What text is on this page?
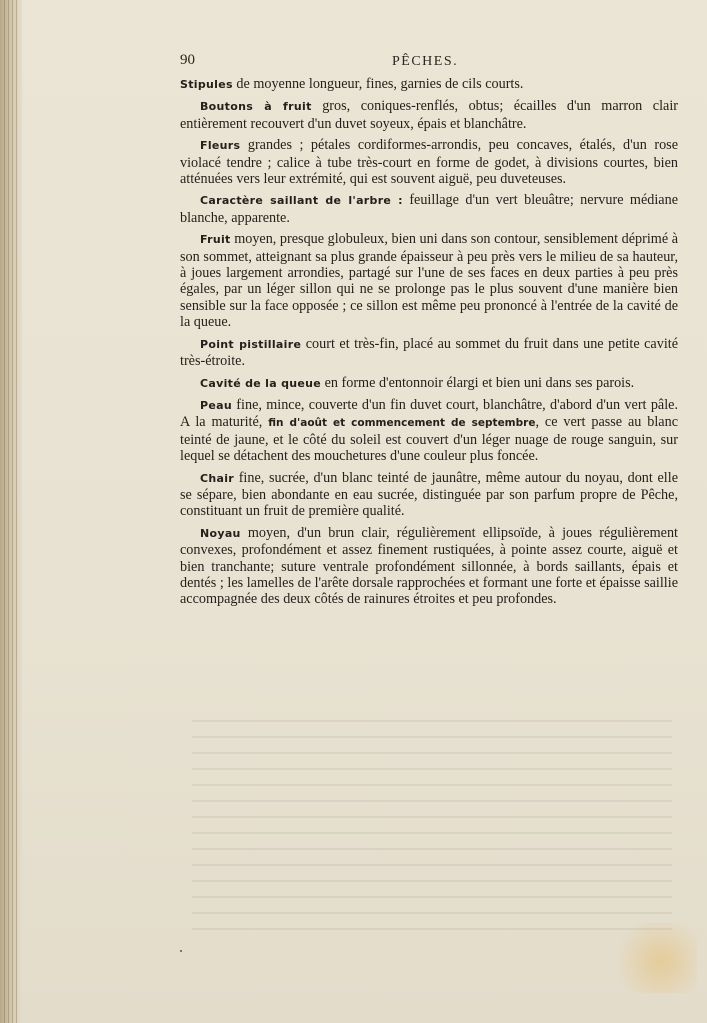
90	PÊCHES.

Stipules de moyenne longueur, fines, garnies de cils courts.

Boutons à fruit gros, coniques-renflés, obtus; écailles d'un marron clair entièrement recouvert d'un duvet soyeux, épais et blanchâtre.

Fleurs grandes ; pétales cordiformes-arrondis, peu concaves, étalés, d'un rose violacé tendre ; calice à tube très-court en forme de godet, à divisions courtes, bien atténuées vers leur extrémité, qui est souvent aiguë, peu duveteuses.

Caractère saillant de l'arbre : feuillage d'un vert bleuâtre; nervure médiane blanche, apparente.

Fruit moyen, presque globuleux, bien uni dans son contour, sensiblement déprimé à son sommet, atteignant sa plus grande épaisseur à peu près vers le milieu de sa hauteur, à joues largement arrondies, partagé sur l'une de ses faces en deux parties à peu près égales, par un léger sillon qui ne se prolonge pas le plus souvent d'une manière bien sensible sur la face opposée ; ce sillon est même peu prononcé à l'entrée de la cavité de la queue.

Point pistillaire court et très-fin, placé au sommet du fruit dans une petite cavité très-étroite.

Cavité de la queue en forme d'entonnoir élargi et bien uni dans ses parois.

Peau fine, mince, couverte d'un fin duvet court, blanchâtre, d'abord d'un vert pâle. A la maturité, fin d'août et commencement de septembre, ce vert passe au blanc teinté de jaune, et le côté du soleil est couvert d'un léger nuage de rouge sanguin, sur lequel se détachent des mouchetures d'une couleur plus foncée.

Chair fine, sucrée, d'un blanc teinté de jaunâtre, même autour du noyau, dont elle se sépare, bien abondante en eau sucrée, distinguée par son parfum propre de Pêche, constituant un fruit de première qualité.

Noyau moyen, d'un brun clair, régulièrement ellipsoïde, à joues régulièrement convexes, profondément et assez finement rustiquées, à pointe assez courte, aiguë et bien tranchante; suture ventrale profondément sillonnée, à bords saillants, épais et dentés ; les lamelles de l'arête dorsale rapprochées et formant une forte et épaisse saillie accompagnée des deux côtés de rainures étroites et peu profondes.
